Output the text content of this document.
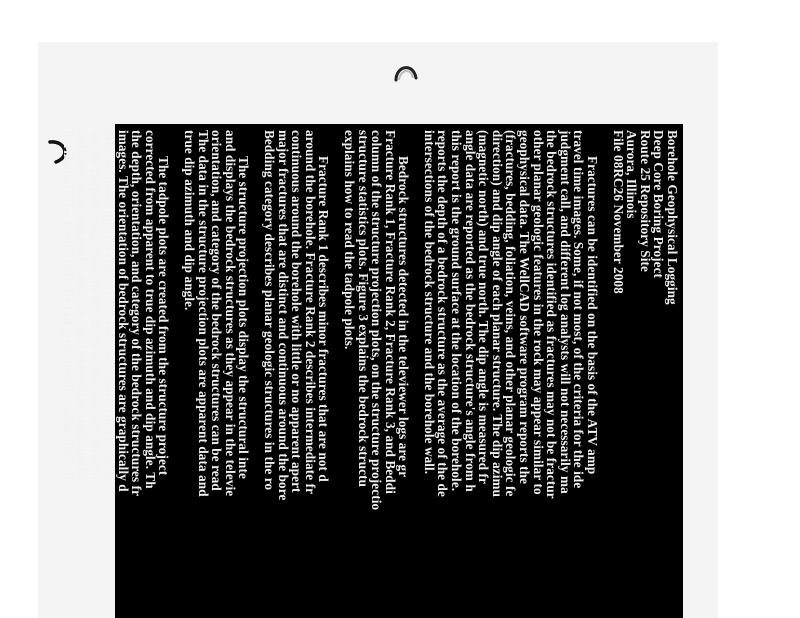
Borehole Geophysical Logging
Deep Core Boring Project
Route 25 Repository Site
Aurora, Illinois
File 08RC26 November 2008
Fractures can be identified on the basis of the ATV amp
travel time images. Some, if not most, of the criteria for the ide
judgment call, and different log analysts will not necessarily ma
the bedrock structures identified as fractures may not be fractur
other planar geologic features in the rock may appear similar to
geophysical data. The WellCAD software program reports the
(fractures, bedding, foliation, veins, and other planar geologic fe
direction) and dip angle of each planar structure. The dip azimu
(magnetic north) and true north. The dip angle is measured fr
angle data are reported as the bedrock structure's angle from h
this report is the ground surface at the location of the borehole.
reports the depth of a bedrock structure as the average of the de
intersections of the bedrock structure and the borehole wall.
Bedrock structures detected in the televiewer logs are gr
Fracture Rank 1, Fracture Rank 2, Fracture Rank 3, and Beddi
column of the structure projection plots, on the structure projectio
structure statistics plots. Figure 3 explains the bedrock structu
explains how to read the tadpole plots.
Fracture Rank 1 describes minor fractures that are not d
around the borehole. Fracture Rank 2 describes intermediate fr
continuous around the borehole with little or no apparent apert
major fractures that are distinct and continuous around the bore
Bedding category describes planar geologic structures in the ro
The structure projection plots display the structural inte
and displays the bedrock structures as they appear in the televie
orientation, and category of the bedrock structures can be read
The data in the structure projection plots are apparent data and
true dip azimuth and dip angle.
The tadpole plots are created from the structure project
corrected from apparent to true dip azimuth and dip angle. Th
the depth, orientation, and category of the bedrock structures fr
images. The orientation of bedrock structures are graphically d
tadpole made up of a circle, the head, and a line, the tail. The
on the tadpole plot, gives the dip angle of the bedrock structur
indicates a dip angle of 0 and the right side of the track indica
horizontal. The position of the tail gives the dip azimuth of th
